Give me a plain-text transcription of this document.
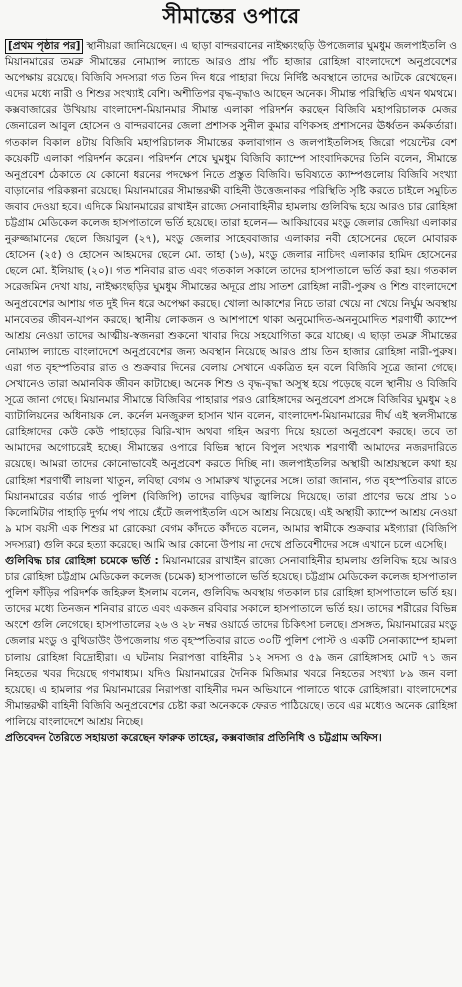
সীমান্তের ওপারে

[প্রথম পৃষ্ঠার পর] স্থানীয়রা জানিয়েছেন। এ ছাড়া বান্দরবানের নাইক্ষ্যংছড়ি উপজেলার ঘুমধুম জলপাইতলি ও মিয়ানমারের তমব্রু সীমান্তের নোম্যান্স ল্যান্ডে আরও প্রায় পাঁচ হাজার রোহিঙ্গা বাংলাদেশে অনুপ্রবেশের অপেক্ষায় রয়েছে। বিজিবি সদস্যরা গত তিন দিন ধরে পাহারা দিয়ে নির্দিষ্ট অবস্থানে তাদের আটকে রেখেছেন। এদের মধ্যে নারী ও শিশুর সংখ্যাই বেশি। অশীতিপর বৃদ্ধ-বৃদ্ধাও আছেন অনেক। সীমান্ত পরিস্থিতি এখন থমথমে। কক্সবাজারের উখিয়ায় বাংলাদেশ-মিয়ানমার সীমান্ত এলাকা পরিদর্শন করছেন বিজিবি মহাপরিচালক মেজর জেনারেল আবুল হোসেন ও বান্দরবানের জেলা প্রশাসক সুনীল কুমার বণিকসহ প্রশাসনের ঊর্ধ্বতন কর্মকর্তারা। গতকাল বিকাল ৪টায় বিজিবি মহাপরিচালক সীমান্তের কলাবাগান ও জলপাইতলিসহ জিরো পয়েন্টের বেশ কয়েকটি এলাকা পরিদর্শন করেন। পরিদর্শন শেষে ঘুমধুম বিজিবি ক্যাম্পে সাংবাদিকদের তিনি বলেন, সীমান্তে অনুপ্রবেশ ঠেকাতে যে কোনো ধরনের পদক্ষেপ নিতে প্রস্তুত বিজিবি। ভবিষ্যতে ক্যাম্পগুলোয় বিজিবি সংখ্যা বাড়ানোর পরিকল্পনা রয়েছে। মিয়ানমারের সীমান্তরক্ষী বাহিনী উত্তেজনাকর পরিস্থিতি সৃষ্টি করতে চাইলে সমুচিত জবাব দেওয়া হবে। এদিকে মিয়ানমারের রাখাইন রাজ্যে সেনাবাহিনীর হামলায় গুলিবিদ্ধ হয়ে আরও চার রোহিঙ্গা চট্টগ্রাম মেডিকেল কলেজ হাসপাতালে ভর্তি হয়েছে। তারা হলেন— আকিয়াবের মংডু জেলার জেদিয়া এলাকার নুরুজ্জামানের ছেলে জিয়াবুল (২৭), মংডু জেলার সাহেববাজার এলাকার নবী হোসেনের ছেলে মোবারক হোসেন (২৫) ও হোসেন আহমদের ছেলে মো. তাহা (১৬), মংডু জেলার নাচিদং এলাকার হামিদ হোসেনের ছেলে মো. ইলিয়াছ (২০)। গত শনিবার রাত এবং গতকাল সকালে তাদের হাসপাতালে ভর্তি করা হয়। গতকাল সরেজমিন দেখা যায়, নাইক্ষ্যংছড়ির ঘুমধুম সীমান্তের অদূরে প্রায় সাতশ রোহিঙ্গা নারী-পুরুষ ও শিশু বাংলাদেশে অনুপ্রবেশের আশায় গত দুই দিন ধরে অপেক্ষা করছে। খোলা আকাশের নিচে তারা খেয়ে না খেয়ে নির্ঘুম অবস্থায় মানবেতর জীবন-যাপন করছে। স্থানীয় লোকজন ও আশপাশে থাকা অনুমোদিত-অননুমোদিত শরণার্থী ক্যাম্পে আশ্রয় নেওয়া তাদের আত্মীয়-স্বজনরা শুকনো খাবার দিয়ে সহযোগিতা করে যাচ্ছে। এ ছাড়া তমব্রু সীমান্তের নোম্যান্স ল্যান্ডে বাংলাদেশে অনুপ্রবেশের জন্য অবস্থান নিয়েছে আরও প্রায় তিন হাজার রোহিঙ্গা নারী-পুরুষ। এরা গত বৃহস্পতিবার রাত ও শুক্রবার দিনের বেলায় সেখানে একত্রিত হন বলে বিজিবি সূত্রে জানা গেছে। সেখানেও তারা অমানবিক জীবন কাটাচ্ছে। অনেক শিশু ও বৃদ্ধ-বৃদ্ধা অসুস্থ হয়ে পড়েছে বলে স্থানীয় ও বিজিবি সূত্রে জানা গেছে। মিয়ানমার সীমান্তে বিজিবির পাহারার পরও রোহিঙ্গাদের অনুপ্রবেশ প্রসঙ্গে বিজিবির ঘুমধুম ২৪ ব্যাটালিয়নের অধিনায়ক লে. কর্নেল মনজুরুল হাসান খান বলেন, বাংলাদেশ-মিয়ানমারের দীর্ঘ এই স্থলসীমান্তে রোহিঙ্গাদের কেউ কেউ পাহাড়ের ঝিরি-খাদ অথবা গহিন অরণ্য দিয়ে হয়তো অনুপ্রবেশ করছে। তবে তা আমাদের অগোচরেই হচ্ছে। সীমান্তের ওপারে বিভিন্ন স্থানে বিপুল সংখ্যক শরণার্থী আমাদের নজরদারিতে রয়েছে। আমরা তাদের কোনোভাবেই অনুপ্রবেশ করতে দিচ্ছি না। জলপাইতলির অস্থায়ী আশ্রয়স্থলে কথা হয় রোহিঙ্গা শরণার্থী লায়লা খাতুন, লবিছা বেগম ও সামারুখ খাতুনের সঙ্গে। তারা জানান, গত বৃহস্পতিবার রাতে মিয়ানমারের বর্ডার গার্ড পুলিশ (বিজিপি) তাদের বাড়িঘর জ্বালিয়ে দিয়েছে। তারা প্রাণের ভয়ে প্রায় ১০ কিলোমিটার পাহাড়ি দুর্গম পথ পায়ে হেঁটে জলপাইতলি এসে আশ্রয় নিয়েছে। এই অস্থায়ী ক্যাম্পে আশ্রয় নেওয়া ৯ মাস বয়সী এক শিশুর মা রোকেয়া বেগম কাঁদতে কাঁদতে বলেন, আমার স্বামীকে শুক্রবার মইগ্যারা (বিজিপি সদস্যরা) গুলি করে হত্যা করেছে। আমি আর কোনো উপায় না দেখে প্রতিবেশীদের সঙ্গে এখানে চলে এসেছি।

গুলিবিদ্ধ চার রোহিঙ্গা চমেকে ভর্তি : মিয়ানমারের রাখাইন রাজ্যে সেনাবাহিনীর হামলায় গুলিবিদ্ধ হয়ে আরও চার রোহিঙ্গা চট্টগ্রাম মেডিকেল কলেজ (চমেক) হাসপাতালে ভর্তি হয়েছে। চট্টগ্রাম মেডিকেল কলেজ হাসপাতাল পুলিশ ফাঁড়ির পরিদর্শক জহিরুল ইসলাম বলেন, গুলিবিদ্ধ অবস্থায় গতকাল চার রোহিঙ্গা হাসপাতালে ভর্তি হয়। তাদের মধ্যে তিনজন শনিবার রাতে এবং একজন রবিবার সকালে হাসপাতালে ভর্তি হয়। তাদের শরীরের বিভিন্ন অংশে গুলি লেগেছে। হাসপাতালের ২৬ ও ২৮ নম্বর ওয়ার্ডে তাদের চিকিৎসা চলছে। প্রসঙ্গত, মিয়ানমারের মংডু জেলার মংডু ও বুথিডাউং উপজেলায় গত বৃহস্পতিবার রাতে ৩০টি পুলিশ পোস্ট ও একটি সেনাক্যাম্পে হামলা চালায় রোহিঙ্গা বিদ্রোহীরা। এ ঘটনায় নিরাপত্তা বাহিনীর ১২ সদস্য ও ৫৯ জন রোহিঙ্গাসহ মোট ৭১ জন নিহতের খবর দিয়েছে গণমাধ্যম। যদিও মিয়ানমারের দৈনিক মিজিমার খবরে নিহতের সংখ্যা ৮৯ জন বলা হয়েছে। এ হামলার পর মিয়ানমারের নিরাপত্তা বাহিনীর দমন অভিযানে পালাতে থাকে রোহিঙ্গারা। বাংলাদেশের সীমান্তরক্ষী বাহিনী বিজিবি অনুপ্রবেশের চেষ্টা করা অনেককে ফেরত পাঠিয়েছে। তবে এর মধ্যেও অনেক রোহিঙ্গা পালিয়ে বাংলাদেশে আশ্রয় নিচ্ছে।

প্রতিবেদন তৈরিতে সহায়তা করেছেন ফারুক তাহের, কক্সবাজার প্রতিনিধি ও চট্টগ্রাম অফিস।
